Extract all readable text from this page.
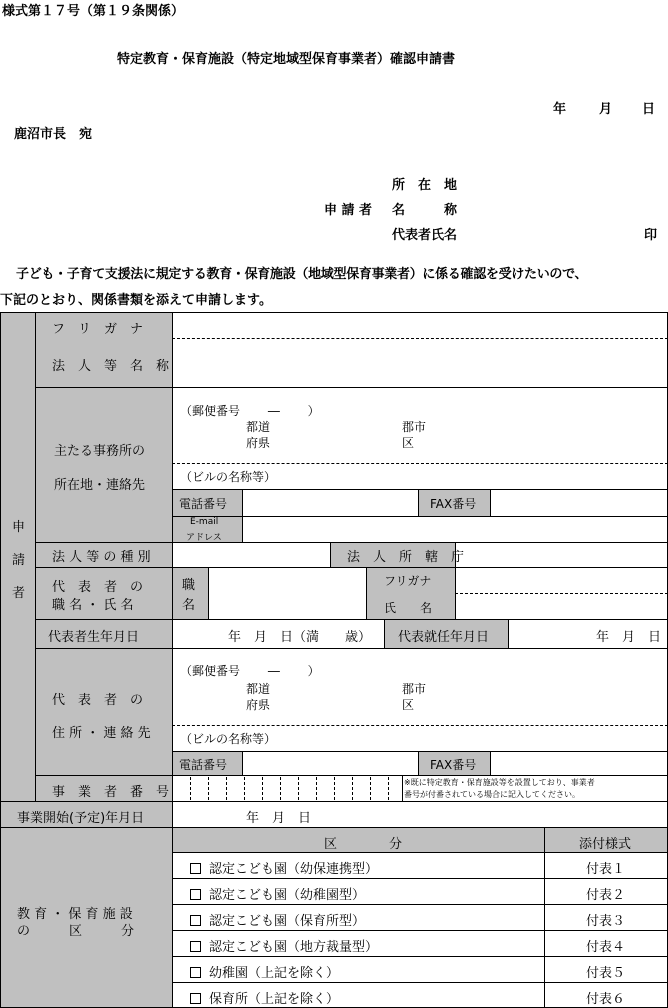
様式第１７号（第１９条関係）
特定教育・保育施設（特定地域型保育事業者）確認申請書
年	月 日
鹿沼市長　宛
所　在　地
申 請 者 名　　　称
代表者氏名	印
子ども・子育て支援法に規定する教育・保育施設（地域型保育事業者）に係る確認を受けたいので、
下記のとおり、関係書類を添えて申請します。
申
請
者
フ　リ　ガ　ナ
法　人　等　名　称
主たる事務所の
所在地・連絡先
（郵便番号　　 ―　　 ）
都道
府県
郡市
区
（ビルの名称等）
電話番号	FAX番号
E-mail
アドレス
法 人 等 の 種 別	法　人　所　轄　庁
代　表　者　の
職 名 ・ 氏 名
職
名
フリガナ
氏　　名
代表者生年月日	年　月　日（満　　歳） 代表就任年月日	年　月　日
代　表　者　の
住 所 ・ 連 絡 先
（郵便番号　　 ―　　 ）
都道
府県
郡市
区
（ビルの名称等）
電話番号	FAX番号
事　業　者　番　号
※既に特定教育・保育施設等を設置しており、事業者
番号が付番されている場合に記入してください。
事業開始(予定)年月日	年　月　日
教 育 ・ 保 育 施 設
の　　　区　　　分
区　　　　分	添付様式
認定こども園（幼保連携型）	付表１
認定こども園（幼稚園型）	付表２
認定こども園（保育所型）	付表３
認定こども園（地方裁量型）	付表４
幼稚園（上記を除く）	付表５
保育所（上記を除く）	付表６
